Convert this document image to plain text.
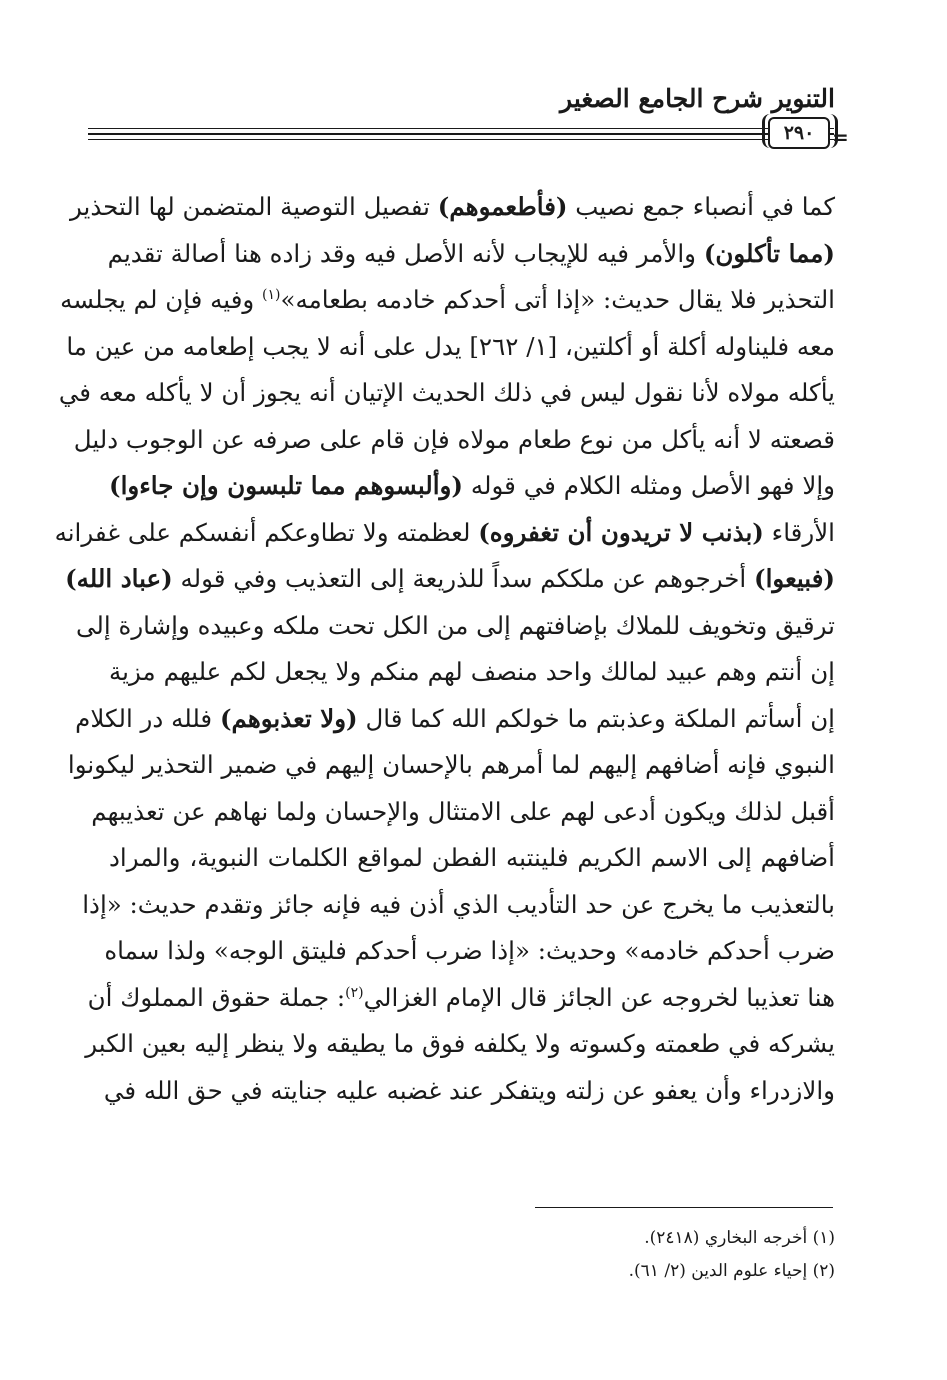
التنوير شرح الجامع الصغير
٢٩٠ =
كما في أنصباء جمع نصيب (فأطعموهم) تفصيل التوصية المتضمن لها التحذير
(مما تأكلون) والأمر فيه للإيجاب لأنه الأصل فيه وقد زاده هنا أصالة تقديم
التحذير فلا يقال حديث: «إذا أتى أحدكم خادمه بطعامه»$^{(١)}$ وفيه فإن لم يجلسه
معه فليناوله أكلة أو أكلتين، [١/ ٢٦٢] يدل على أنه لا يجب إطعامه من عين ما
يأكله مولاه لأنا نقول ليس في ذلك الحديث الإتيان أنه يجوز أن لا يأكله معه في
قصعته لا أنه يأكل من نوع طعام مولاه فإن قام على صرفه عن الوجوب دليل
وإلا فهو الأصل ومثله الكلام في قوله (وألبسوهم مما تلبسون وإن جاءوا)
الأرقاء (بذنب لا تريدون أن تغفروه) لعظمته ولا تطاوعكم أنفسكم على غفرانه
(فبيعوا) أخرجوهم عن ملككم سداً للذريعة إلى التعذيب وفي قوله (عباد الله)
ترقيق وتخويف للملاك بإضافتهم إلى من الكل تحت ملكه وعبيده وإشارة إلى
إن أنتم وهم عبيد لمالك واحد منصف لهم منكم ولا يجعل لكم عليهم مزية
إن أسأتم الملكة وعذبتم ما خولكم الله كما قال (ولا تعذبوهم) فلله در الكلام
النبوي فإنه أضافهم إليهم لما أمرهم بالإحسان إليهم في ضمير التحذير ليكونوا
أقبل لذلك ويكون أدعى لهم على الامتثال والإحسان ولما نهاهم عن تعذيبهم
أضافهم إلى الاسم الكريم فلينتبه الفطن لمواقع الكلمات النبوية، والمراد
بالتعذيب ما يخرج عن حد التأديب الذي أذن فيه فإنه جائز وتقدم حديث: «إذا
ضرب أحدكم خادمه» وحديث: «إذا ضرب أحدكم فليتق الوجه» ولذا سماه
هنا تعذيبا لخروجه عن الجائز قال الإمام الغزالي$^{(٢)}$: جملة حقوق المملوك أن
يشركه في طعمته وكسوته ولا يكلفه فوق ما يطيقه ولا ينظر إليه بعين الكبر
والازدراء وأن يعفو عن زلته ويتفكر عند غضبه عليه جنايته في حق الله في
(١) أخرجه البخاري (٢٤١٨).
(٢) إحياء علوم الدين (٢/ ٦١).
